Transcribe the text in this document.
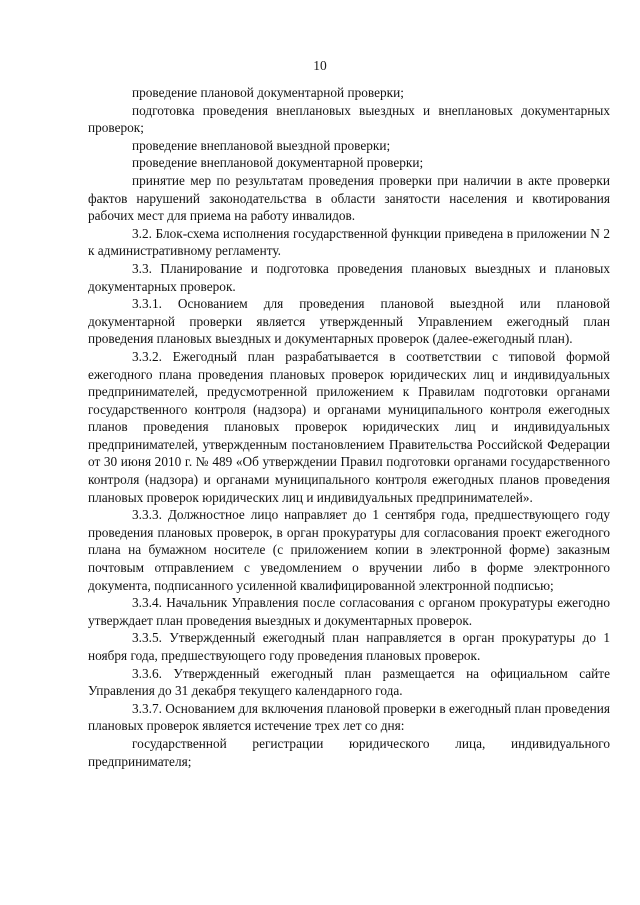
10

проведение плановой документарной проверки;

подготовка проведения внеплановых выездных и внеплановых документарных проверок;

проведение внеплановой выездной проверки;

проведение внеплановой документарной проверки;

принятие мер по результатам проведения проверки при наличии в акте проверки фактов нарушений законодательства в области занятости населения и квотирования рабочих мест для приема на работу инвалидов.

3.2. Блок-схема исполнения государственной функции приведена в приложении N 2 к административному регламенту.

3.3. Планирование и подготовка проведения плановых выездных и плановых документарных проверок.

3.3.1. Основанием для проведения плановой выездной или плановой документарной проверки является утвержденный Управлением ежегодный план проведения плановых выездных и документарных проверок (далее-ежегодный план).

3.3.2. Ежегодный план разрабатывается в соответствии с типовой формой ежегодного плана проведения плановых проверок юридических лиц и индивидуальных предпринимателей, предусмотренной приложением к Правилам подготовки органами государственного контроля (надзора) и органами муниципального контроля ежегодных планов проведения плановых проверок юридических лиц и индивидуальных предпринимателей, утвержденным постановлением Правительства Российской Федерации от 30 июня 2010 г. № 489 «Об утверждении Правил подготовки органами государственного контроля (надзора) и органами муниципального контроля ежегодных планов проведения плановых проверок юридических лиц и индивидуальных предпринимателей».

3.3.3. Должностное лицо направляет до 1 сентября года, предшествующего году проведения плановых проверок, в орган прокуратуры для согласования проект ежегодного плана на бумажном носителе (с приложением копии в электронной форме) заказным почтовым отправлением с уведомлением о вручении либо в форме электронного документа, подписанного усиленной квалифицированной электронной подписью;

3.3.4. Начальник Управления после согласования с органом прокуратуры ежегодно утверждает план проведения выездных и документарных проверок.

3.3.5. Утвержденный ежегодный план направляется в орган прокуратуры до 1 ноября года, предшествующего году проведения плановых проверок.

3.3.6. Утвержденный ежегодный план размещается на официальном сайте Управления до 31 декабря текущего календарного года.

3.3.7. Основанием для включения плановой проверки в ежегодный план проведения плановых проверок является истечение трех лет со дня:

государственной регистрации юридического лица, индивидуального предпринимателя;
